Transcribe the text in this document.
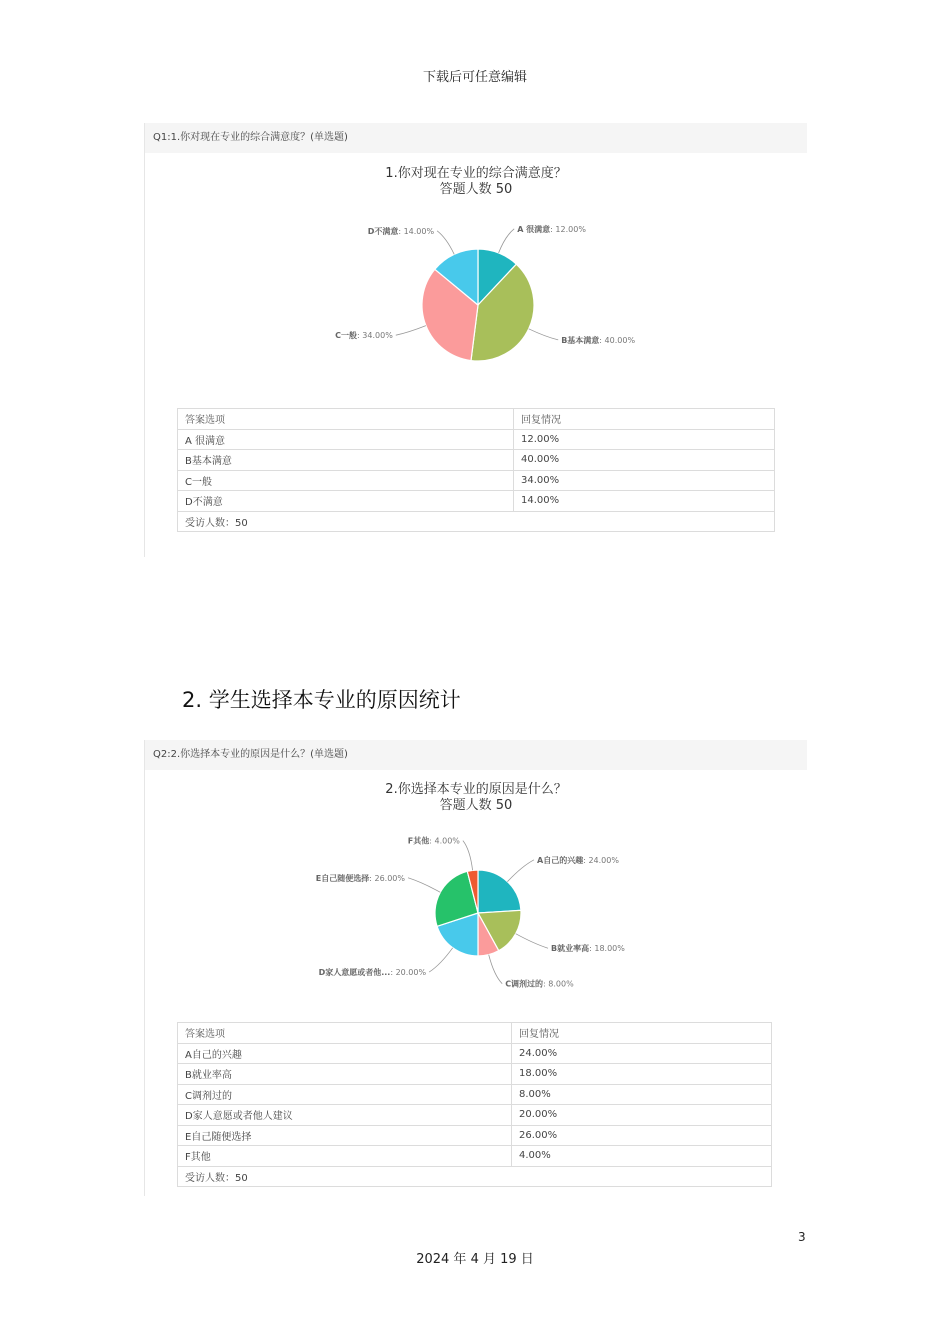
下载后可任意编辑
Q1:1.你对现在专业的综合满意度？(单选题)
1.你对现在专业的综合满意度？
答题人数 50
A 很满意: 12.00%
B基本满意: 40.00%
C一般: 34.00%
D不满意: 14.00%
答案选项	回复情况
A 很满意	12.00%
B基本满意	40.00%
C一般	34.00%
D不满意	14.00%
受访人数：50	
2. 学生选择本专业的原因统计
Q2:2.你选择本专业的原因是什么？(单选题)
2.你选择本专业的原因是什么？
答题人数 50
A自己的兴趣: 24.00%
B就业率高: 18.00%
C调剂过的: 8.00%
D家人意愿或者他...: 20.00%
E自己随便选择: 26.00%
F其他: 4.00%
答案选项	回复情况
A自己的兴趣	24.00%
B就业率高	18.00%
C调剂过的	8.00%
D家人意愿或者他人建议	20.00%
E自己随便选择	26.00%
F其他	4.00%
受访人数：50	
3
2024 年 4 月 19 日
